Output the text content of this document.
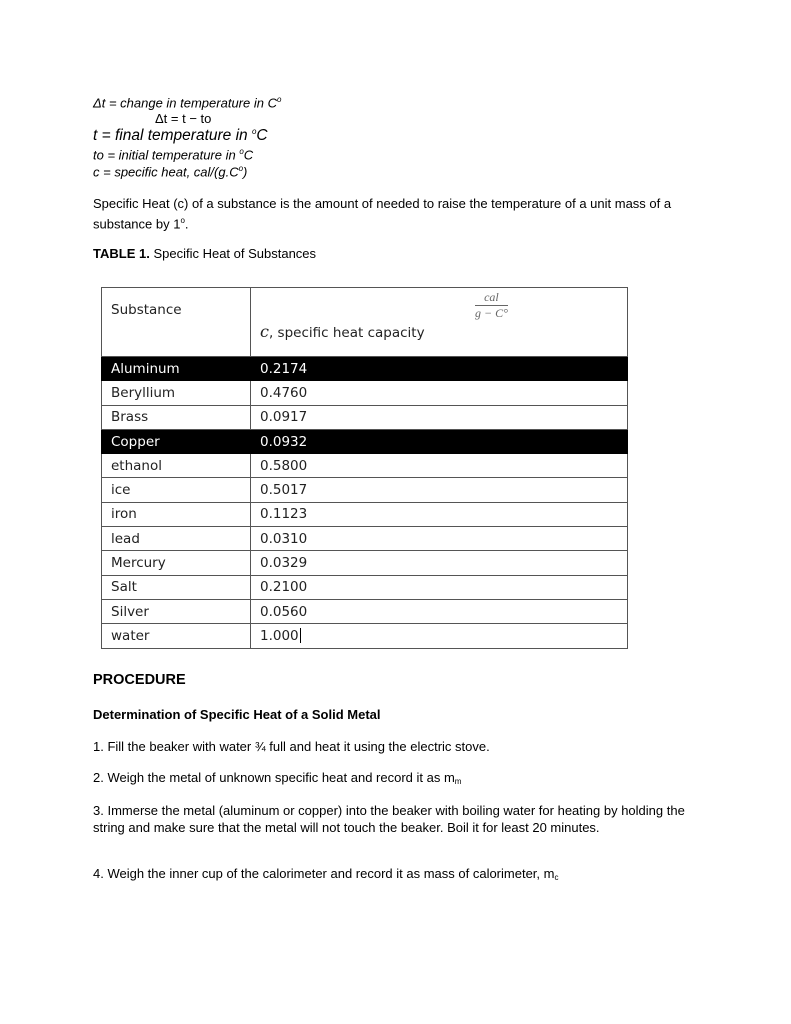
Δt = change in temperature in $C^o$
Δt = t − to
t = final temperature in $^o$C
to = initial temperature in $^o$C
c = specific heat, cal/$(g.C^o)$
Specific Heat (c) of a substance is the amount of needed to raise the temperature of a unit mass of a substance by 1$^o$.
TABLE 1. Specific Heat of Substances
Substance	c, specific heat capacity
cal
g − C°

Aluminum	0.2174
Beryllium	0.4760
Brass	0.0917
Copper	0.0932
ethanol	0.5800
ice	0.5017
iron	0.1123
lead	0.0310
Mercury	0.0329
Salt	0.2100
Silver	0.0560
water	1.000
PROCEDURE
Determination of Specific Heat of a Solid Metal
1. Fill the beaker with water ¾ full and heat it using the electric stove.
2. Weigh the metal of unknown specific heat and record it as $m_m$
3. Immerse the metal (aluminum or copper) into the beaker with boiling water for heating by holding the string and make sure that the metal will not touch the beaker. Boil it for least 20 minutes.
4. Weigh the inner cup of the calorimeter and record it as mass of calorimeter, $m_c$
